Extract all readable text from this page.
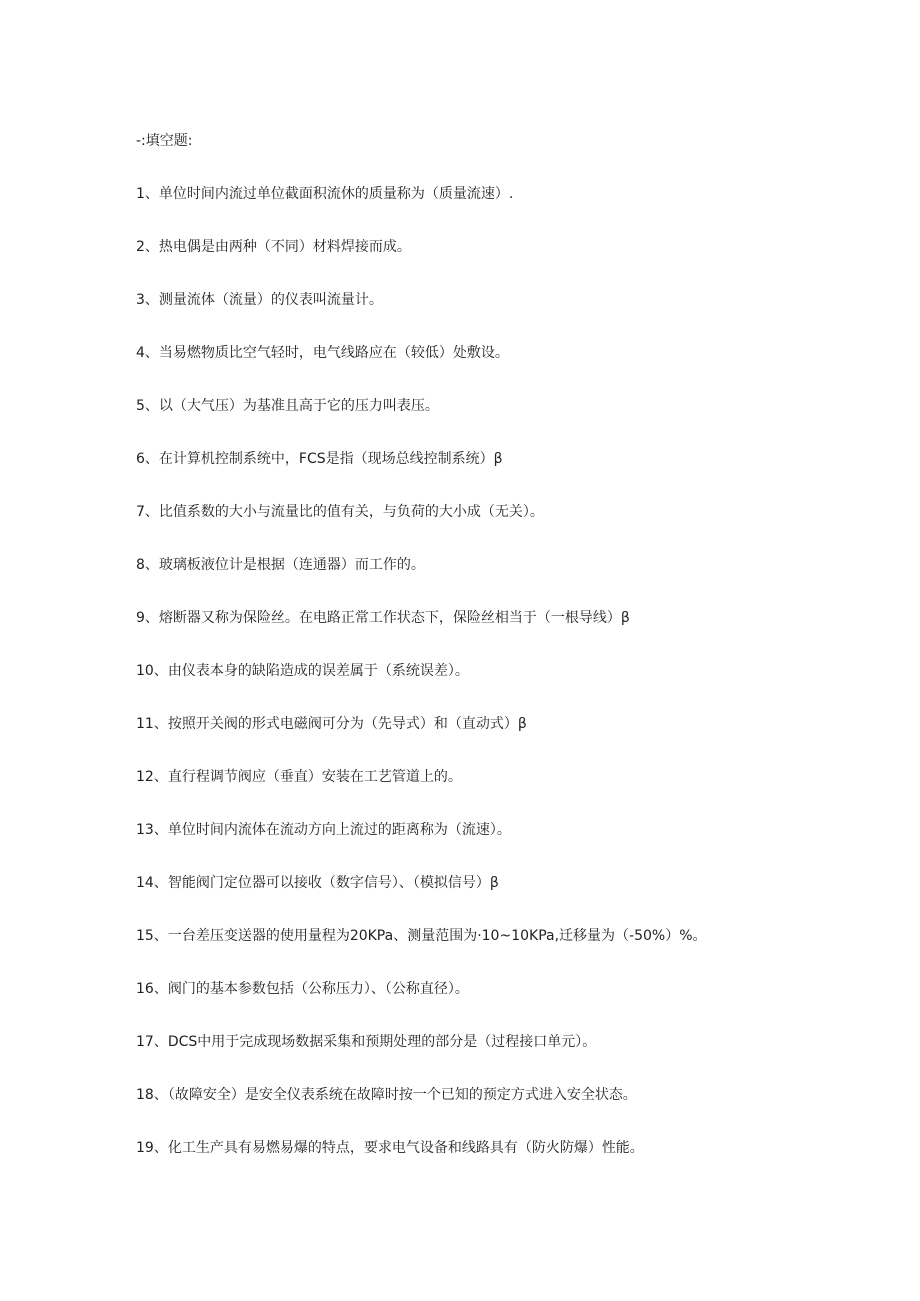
-:填空题:
1、单位时间内流过单位截面积流休的质量称为（质量流速）.
2、热电偶是由两种（不同）材料焊接而成。
3、测量流体（流量）的仪表叫流量计。
4、当易燃物质比空气轻时，电气线路应在（较低）处敷设。
5、以（大气压）为基准且高于它的压力叫表压。
6、在计算机控制系统中，FCS是指（现场总线控制系统）β
7、比值系数的大小与流量比的值有关，与负荷的大小成（无关）。
8、玻璃板液位计是根据（连通器）而工作的。
9、熔断器又称为保险丝。在电路正常工作状态下，保险丝相当于（一根导线）β
10、由仪表本身的缺陷造成的误差属于（系统误差）。
11、按照开关阀的形式电磁阀可分为（先导式）和（直动式）β
12、直行程调节阀应（垂直）安装在工艺管道上的。
13、单位时间内流体在流动方向上流过的距离称为（流速）。
14、智能阀门定位器可以接收（数字信号）、（模拟信号）β
15、一台差压变送器的使用量程为20KPa、测量范围为·10~10KPa,迁移量为（-50%）%。
16、阀门的基本参数包括（公称压力）、（公称直径）。
17、DCS中用于完成现场数据采集和预期处理的部分是（过程接口单元）。
18、（故障安全）是安全仪表系统在故障时按一个已知的预定方式进入安全状态。
19、化工生产具有易燃易爆的特点，要求电气设备和线路具有（防火防爆）性能。
